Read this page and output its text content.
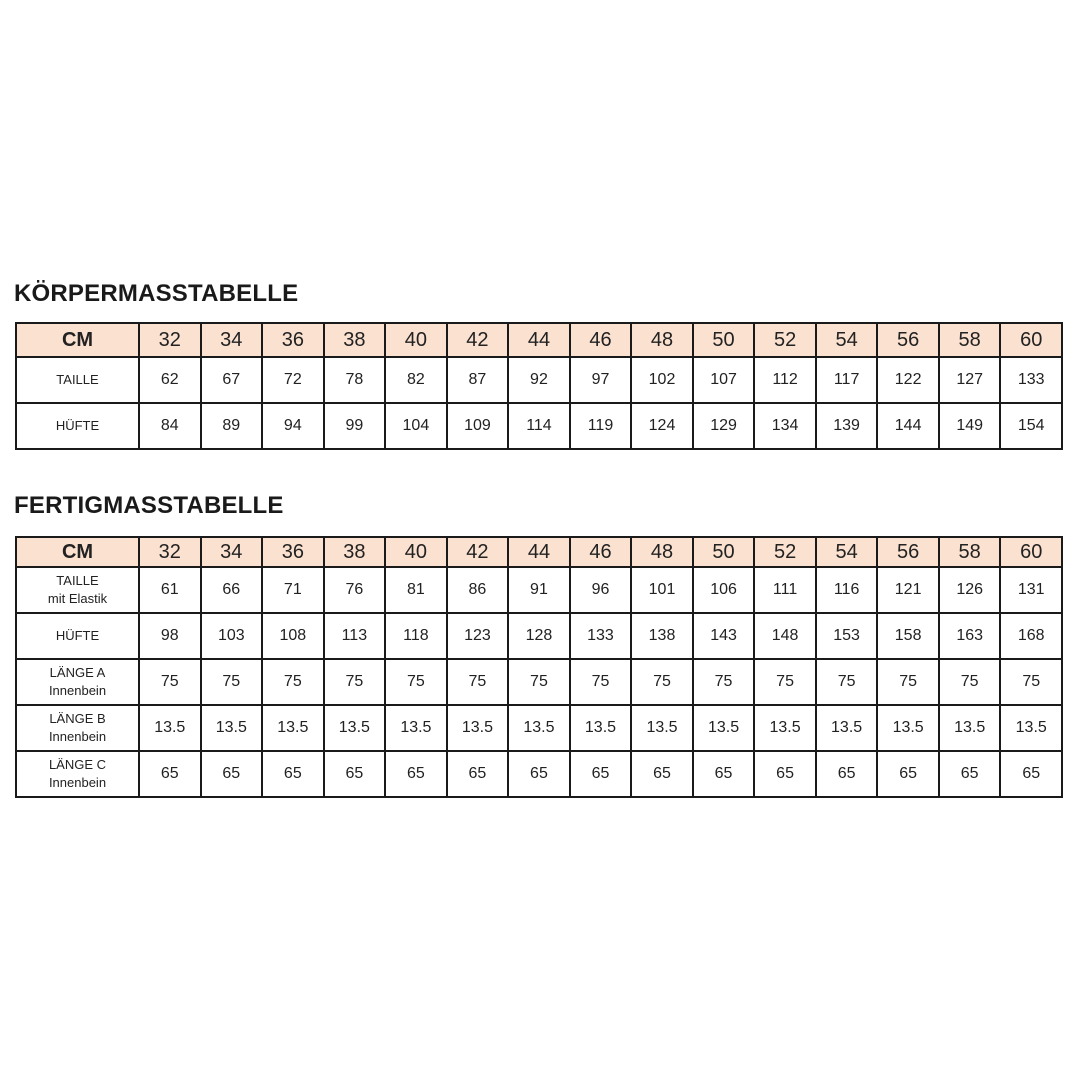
KÖRPERMASSTABELLE
CM	32	34	36	38	40	42	44	46	48	50	52	54	56	58	60

TAILLE	62	67	72	78	82	87	92	97	102	107	112	117	122	127	133

HÜFTE	84	89	94	99	104	109	114	119	124	129	134	139	144	149	154
FERTIGMASSTABELLE
CM	32	34	36	38	40	42	44	46	48	50	52	54	56	58	60

TAILLE
mit Elastik	61	66	71	76	81	86	91	96	101	106	111	116	121	126	131

HÜFTE	98	103	108	113	118	123	128	133	138	143	148	153	158	163	168

LÄNGE A
Innenbein	75	75	75	75	75	75	75	75	75	75	75	75	75	75	75

LÄNGE B
Innenbein	13.5	13.5	13.5	13.5	13.5	13.5	13.5	13.5	13.5	13.5	13.5	13.5	13.5	13.5	13.5

LÄNGE C
Innenbein	65	65	65	65	65	65	65	65	65	65	65	65	65	65	65
